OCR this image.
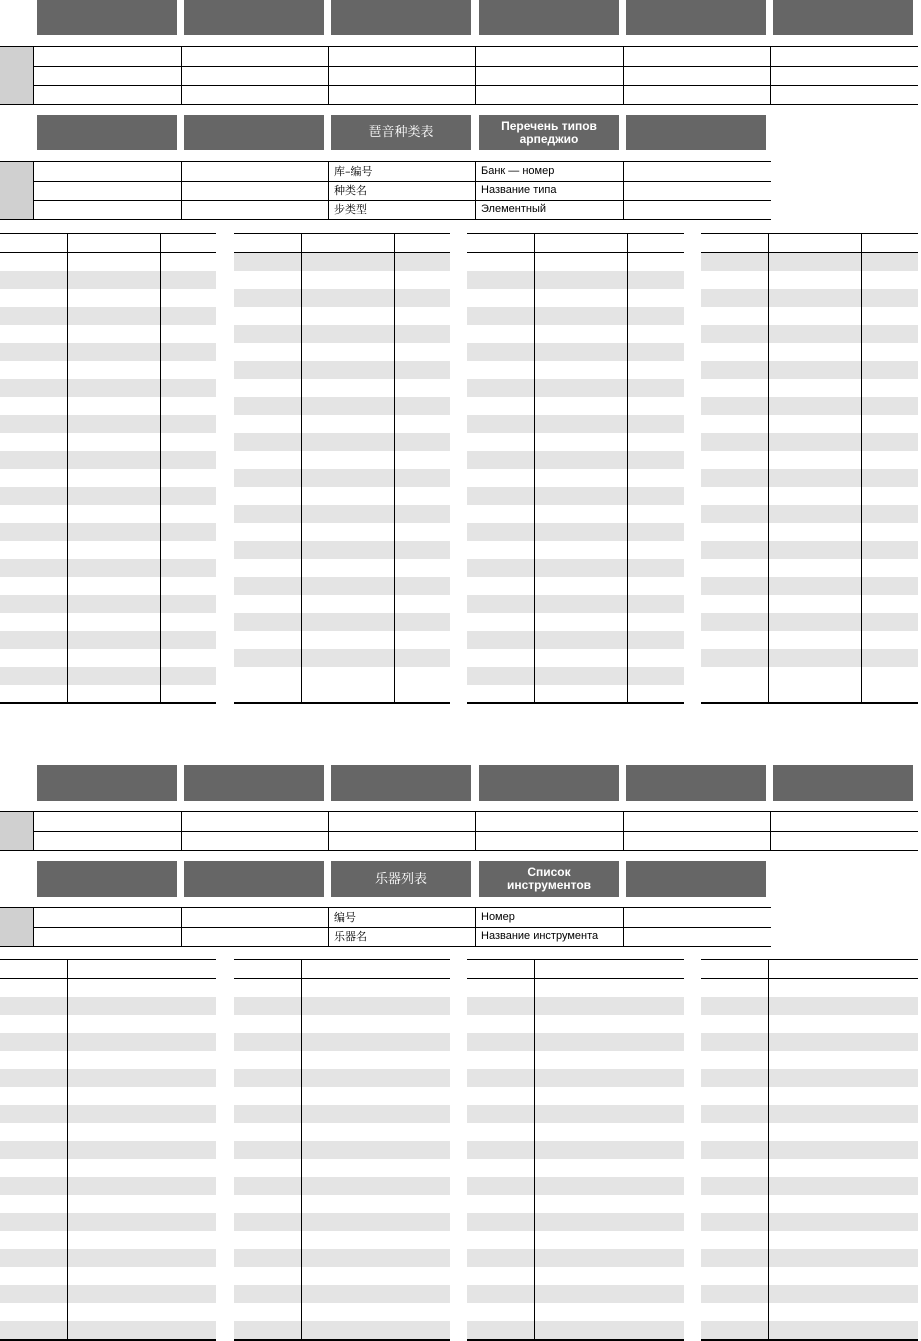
琶音种类表	Перечень типов
арпеджио
库–编号	Банк — номер
种类名	Название типа
步类型	Элементный
乐器列表	Список
инструментов
编号	Номер
乐器名	Название инструмента
